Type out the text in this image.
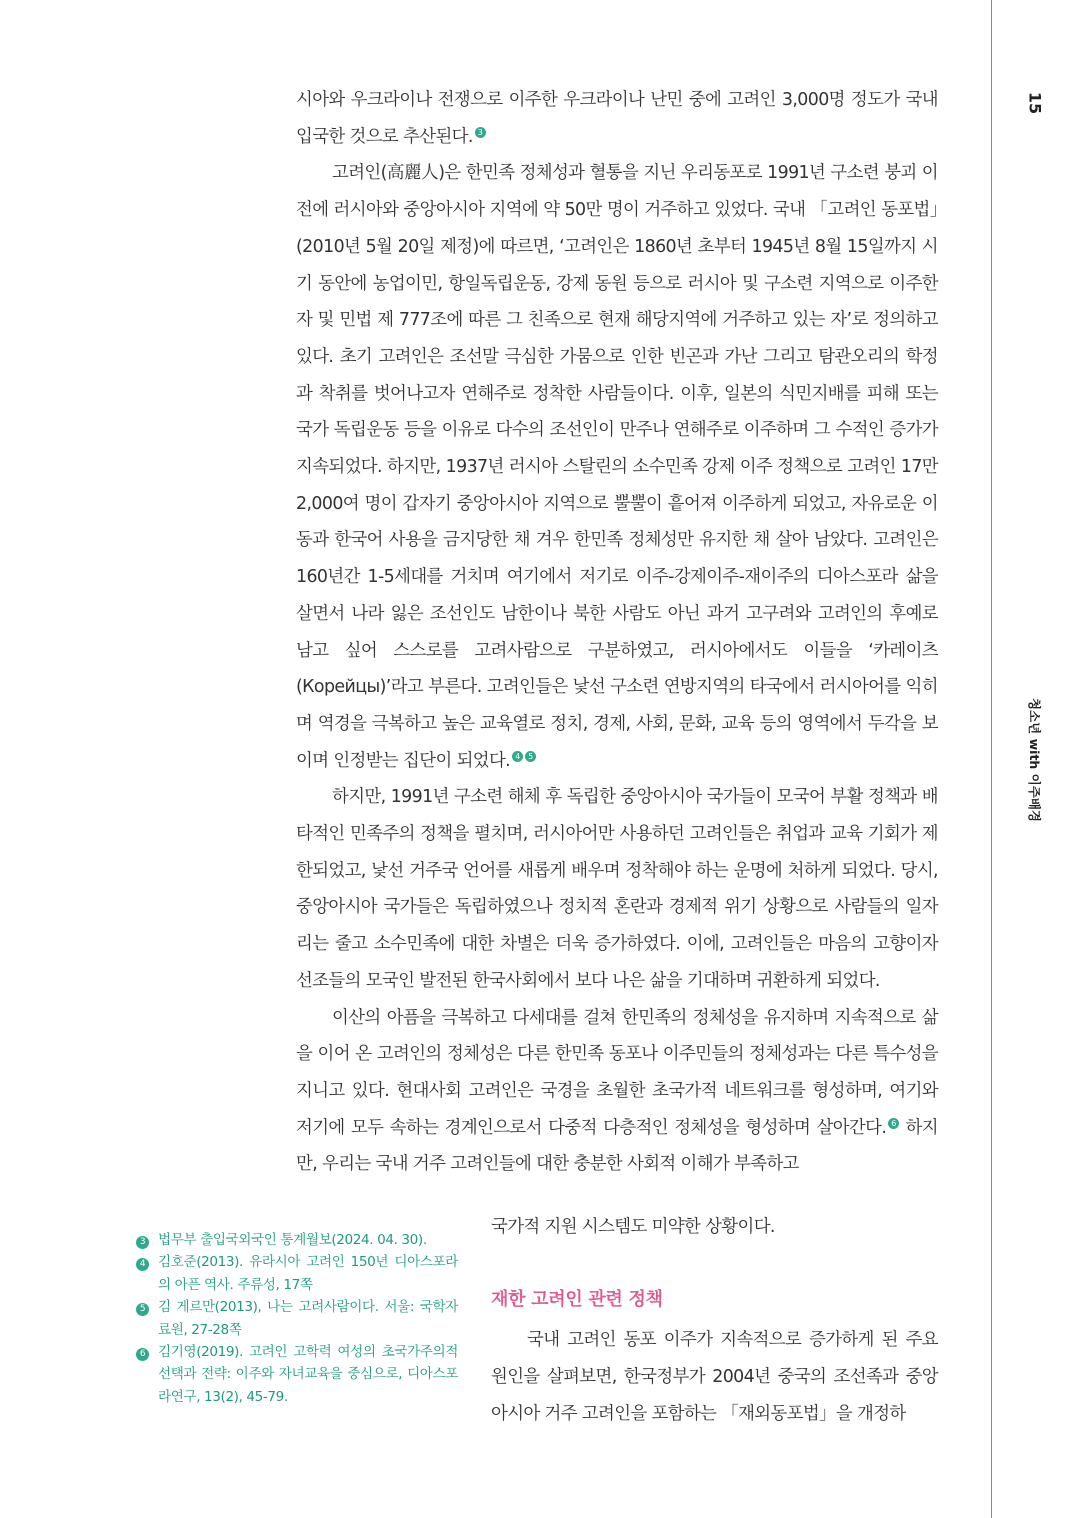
시아와 우크라이나 전쟁으로 이주한 우크라이나 난민 중에 고려인 3,000명 정도가 국내 입국한 것으로 추산된다. 3

고려인(高麗人)은 한민족 정체성과 혈통을 지닌 우리동포로 1991년 구소련 붕괴 이전에 러시아와 중앙아시아 지역에 약 50만 명이 거주하고 있었다. 국내 「고려인 동포법」(2010년 5월 20일 제정)에 따르면, ‘고려인은 1860년 초부터 1945년 8월 15일까지 시기 동안에 농업이민, 항일독립운동, 강제 동원 등으로 러시아 및 구소련 지역으로 이주한 자 및 민법 제 777조에 따른 그 친족으로 현재 해당지역에 거주하고 있는 자’로 정의하고 있다. 초기 고려인은 조선말 극심한 가뭄으로 인한 빈곤과 가난 그리고 탐관오리의 학정과 착취를 벗어나고자 연해주로 정착한 사람들이다. 이후, 일본의 식민지배를 피해 또는 국가 독립운동 등을 이유로 다수의 조선인이 만주나 연해주로 이주하며 그 수적인 증가가 지속되었다. 하지만, 1937년 러시아 스탈린의 소수민족 강제 이주 정책으로 고려인 17만 2,000여 명이 갑자기 중앙아시아 지역으로 뿔뿔이 흩어져 이주하게 되었고, 자유로운 이동과 한국어 사용을 금지당한 채 겨우 한민족 정체성만 유지한 채 살아 남았다. 고려인은 160년간 1-5세대를 거치며 여기에서 저기로 이주-강제이주-재이주의 디아스포라 삶을 살면서 나라 잃은 조선인도 남한이나 북한 사람도 아닌 과거 고구려와 고려인의 후예로 남고 싶어 스스로를 고려사람으로 구분하였고, 러시아에서도 이들을 ‘카레이츠(Корейцы)’라고 부른다. 고려인들은 낯선 구소련 연방지역의 타국에서 러시아어를 익히며 역경을 극복하고 높은 교육열로 정치, 경제, 사회, 문화, 교육 등의 영역에서 두각을 보이며 인정받는 집단이 되었다. 4 5

하지만, 1991년 구소련 해체 후 독립한 중앙아시아 국가들이 모국어 부활 정책과 배타적인 민족주의 정책을 펼치며, 러시아어만 사용하던 고려인들은 취업과 교육 기회가 제한되었고, 낯선 거주국 언어를 새롭게 배우며 정착해야 하는 운명에 처하게 되었다. 당시, 중앙아시아 국가들은 독립하였으나 정치적 혼란과 경제적 위기 상황으로 사람들의 일자리는 줄고 소수민족에 대한 차별은 더욱 증가하였다. 이에, 고려인들은 마음의 고향이자 선조들의 모국인 발전된 한국사회에서 보다 나은 삶을 기대하며 귀환하게 되었다.

이산의 아픔을 극복하고 다세대를 걸쳐 한민족의 정체성을 유지하며 지속적으로 삶을 이어 온 고려인의 정체성은 다른 한민족 동포나 이주민들의 정체성과는 다른 특수성을 지니고 있다. 현대사회 고려인은 국경을 초월한 초국가적 네트워크를 형성하며, 여기와 저기에 모두 속하는 경계인으로서 다중적 다층적인 정체성을 형성하며 살아간다. 6 하지만, 우리는 국내 거주 고려인들에 대한 충분한 사회적 이해가 부족하고

국가적 지원 시스템도 미약한 상황이다.

재한 고려인 관련 정책

국내 고려인 동포 이주가 지속적으로 증가하게 된 주요 원인을 살펴보면, 한국정부가 2004년 중국의 조선족과 중앙아시아 거주 고려인을 포함하는 「재외동포법」을 개정하

3 법무부 출입국외국인 통계월보(2024. 04. 30).
4 김호준(2013). 유라시아 고려인 150년 디아스포라의 아픈 역사. 주류성, 17쪽
5 김 게르만(2013), 나는 고려사람이다. 서울: 국학자료원, 27-28쪽
6 김기영(2019). 고려인 고학력 여성의 초국가주의적 선택과 전략: 이주와 자녀교육을 중심으로, 디아스포라연구, 13(2), 45-79.
15
청소년 with 이주배경
